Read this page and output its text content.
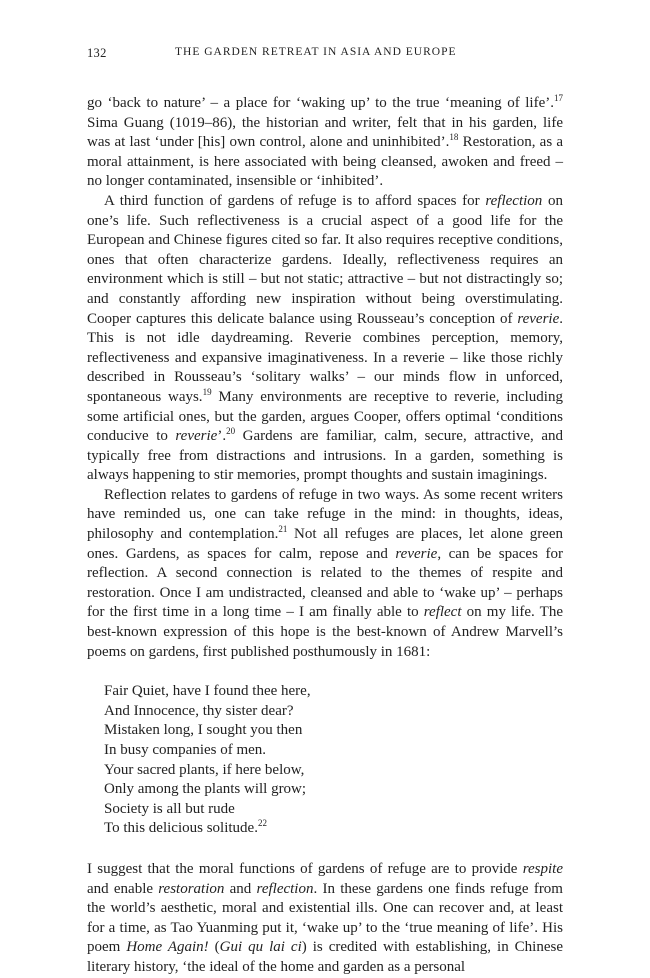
132	THE GARDEN RETREAT IN ASIA AND EUROPE

go ‘back to nature’ – a place for ‘waking up’ to the true ‘meaning of life’.$^{17}$ Sima Guang (1019–86), the historian and writer, felt that in his garden, life was at last ‘under [his] own control, alone and uninhibited’.$^{18}$ Restoration, as a moral attainment, is here associated with being cleansed, awoken and freed – no longer contaminated, insensible or ‘inhibited’.

A third function of gardens of refuge is to afford spaces for reflection on one’s life. Such reflectiveness is a crucial aspect of a good life for the European and Chinese figures cited so far. It also requires receptive conditions, ones that often characterize gardens. Ideally, reflectiveness requires an environment which is still – but not static; attractive – but not distractingly so; and constantly affording new inspiration without being overstimulating. Cooper captures this delicate balance using Rousseau’s conception of reverie. This is not idle daydreaming. Reverie combines perception, memory, reflectiveness and expansive imaginativeness. In a reverie – like those richly described in Rousseau’s ‘solitary walks’ – our minds flow in unforced, spontaneous ways.$^{19}$ Many environments are receptive to reverie, including some artificial ones, but the garden, argues Cooper, offers optimal ‘conditions conducive to reverie’.$^{20}$ Gardens are familiar, calm, secure, attractive, and typically free from distractions and intrusions. In a garden, something is always happening to stir memories, prompt thoughts and sustain imaginings.

Reflection relates to gardens of refuge in two ways. As some recent writers have reminded us, one can take refuge in the mind: in thoughts, ideas, philosophy and contemplation.$^{21}$ Not all refuges are places, let alone green ones. Gardens, as spaces for calm, repose and reverie, can be spaces for reflection. A second connection is related to the themes of respite and restoration. Once I am undistracted, cleansed and able to ‘wake up’ – perhaps for the first time in a long time – I am finally able to reflect on my life. The best-known expression of this hope is the best-known of Andrew Marvell’s poems on gardens, first published posthumously in 1681:

Fair Quiet, have I found thee here,
And Innocence, thy sister dear?
Mistaken long, I sought you then
In busy companies of men.
Your sacred plants, if here below,
Only among the plants will grow;
Society is all but rude
To this delicious solitude.$^{22}$

I suggest that the moral functions of gardens of refuge are to provide respite and enable restoration and reflection. In these gardens one finds refuge from the world’s aesthetic, moral and existential ills. One can recover and, at least for a time, as Tao Yuanming put it, ‘wake up’ to the ‘true meaning of life’. His poem Home Again! (Gui qu lai ci) is credited with establishing, in Chinese literary history, ‘the ideal of the home and garden as a personal
